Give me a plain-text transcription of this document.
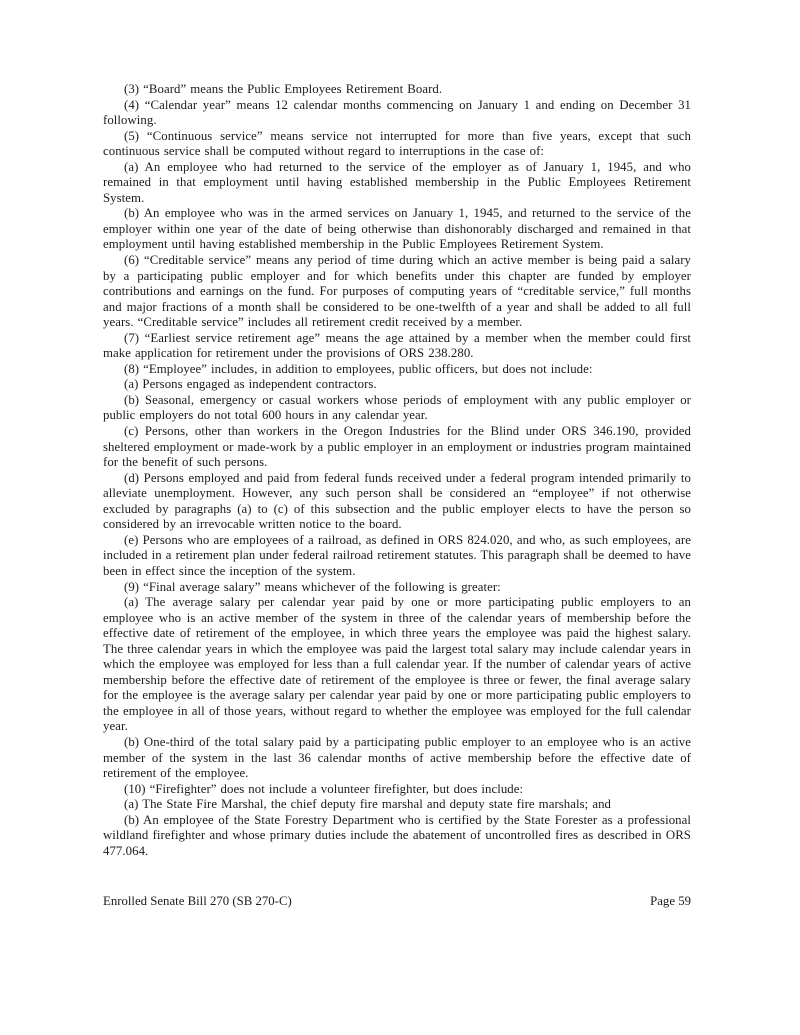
(3) “Board” means the Public Employees Retirement Board.

(4) “Calendar year” means 12 calendar months commencing on January 1 and ending on December 31 following.

(5) “Continuous service” means service not interrupted for more than five years, except that such continuous service shall be computed without regard to interruptions in the case of:

(a) An employee who had returned to the service of the employer as of January 1, 1945, and who remained in that employment until having established membership in the Public Employees Retirement System.

(b) An employee who was in the armed services on January 1, 1945, and returned to the service of the employer within one year of the date of being otherwise than dishonorably discharged and remained in that employment until having established membership in the Public Employees Retirement System.

(6) “Creditable service” means any period of time during which an active member is being paid a salary by a participating public employer and for which benefits under this chapter are funded by employer contributions and earnings on the fund. For purposes of computing years of “creditable service,” full months and major fractions of a month shall be considered to be one-twelfth of a year and shall be added to all full years. “Creditable service” includes all retirement credit received by a member.

(7) “Earliest service retirement age” means the age attained by a member when the member could first make application for retirement under the provisions of ORS 238.280.

(8) “Employee” includes, in addition to employees, public officers, but does not include:

(a) Persons engaged as independent contractors.

(b) Seasonal, emergency or casual workers whose periods of employment with any public employer or public employers do not total 600 hours in any calendar year.

(c) Persons, other than workers in the Oregon Industries for the Blind under ORS 346.190, provided sheltered employment or made-work by a public employer in an employment or industries program maintained for the benefit of such persons.

(d) Persons employed and paid from federal funds received under a federal program intended primarily to alleviate unemployment. However, any such person shall be considered an “employee” if not otherwise excluded by paragraphs (a) to (c) of this subsection and the public employer elects to have the person so considered by an irrevocable written notice to the board.

(e) Persons who are employees of a railroad, as defined in ORS 824.020, and who, as such employees, are included in a retirement plan under federal railroad retirement statutes. This paragraph shall be deemed to have been in effect since the inception of the system.

(9) “Final average salary” means whichever of the following is greater:

(a) The average salary per calendar year paid by one or more participating public employers to an employee who is an active member of the system in three of the calendar years of membership before the effective date of retirement of the employee, in which three years the employee was paid the highest salary. The three calendar years in which the employee was paid the largest total salary may include calendar years in which the employee was employed for less than a full calendar year. If the number of calendar years of active membership before the effective date of retirement of the employee is three or fewer, the final average salary for the employee is the average salary per calendar year paid by one or more participating public employers to the employee in all of those years, without regard to whether the employee was employed for the full calendar year.

(b) One-third of the total salary paid by a participating public employer to an employee who is an active member of the system in the last 36 calendar months of active membership before the effective date of retirement of the employee.

(10) “Firefighter” does not include a volunteer firefighter, but does include:

(a) The State Fire Marshal, the chief deputy fire marshal and deputy state fire marshals; and

(b) An employee of the State Forestry Department who is certified by the State Forester as a professional wildland firefighter and whose primary duties include the abatement of uncontrolled fires as described in ORS 477.064.

Enrolled Senate Bill 270 (SB 270-C)	Page 59
